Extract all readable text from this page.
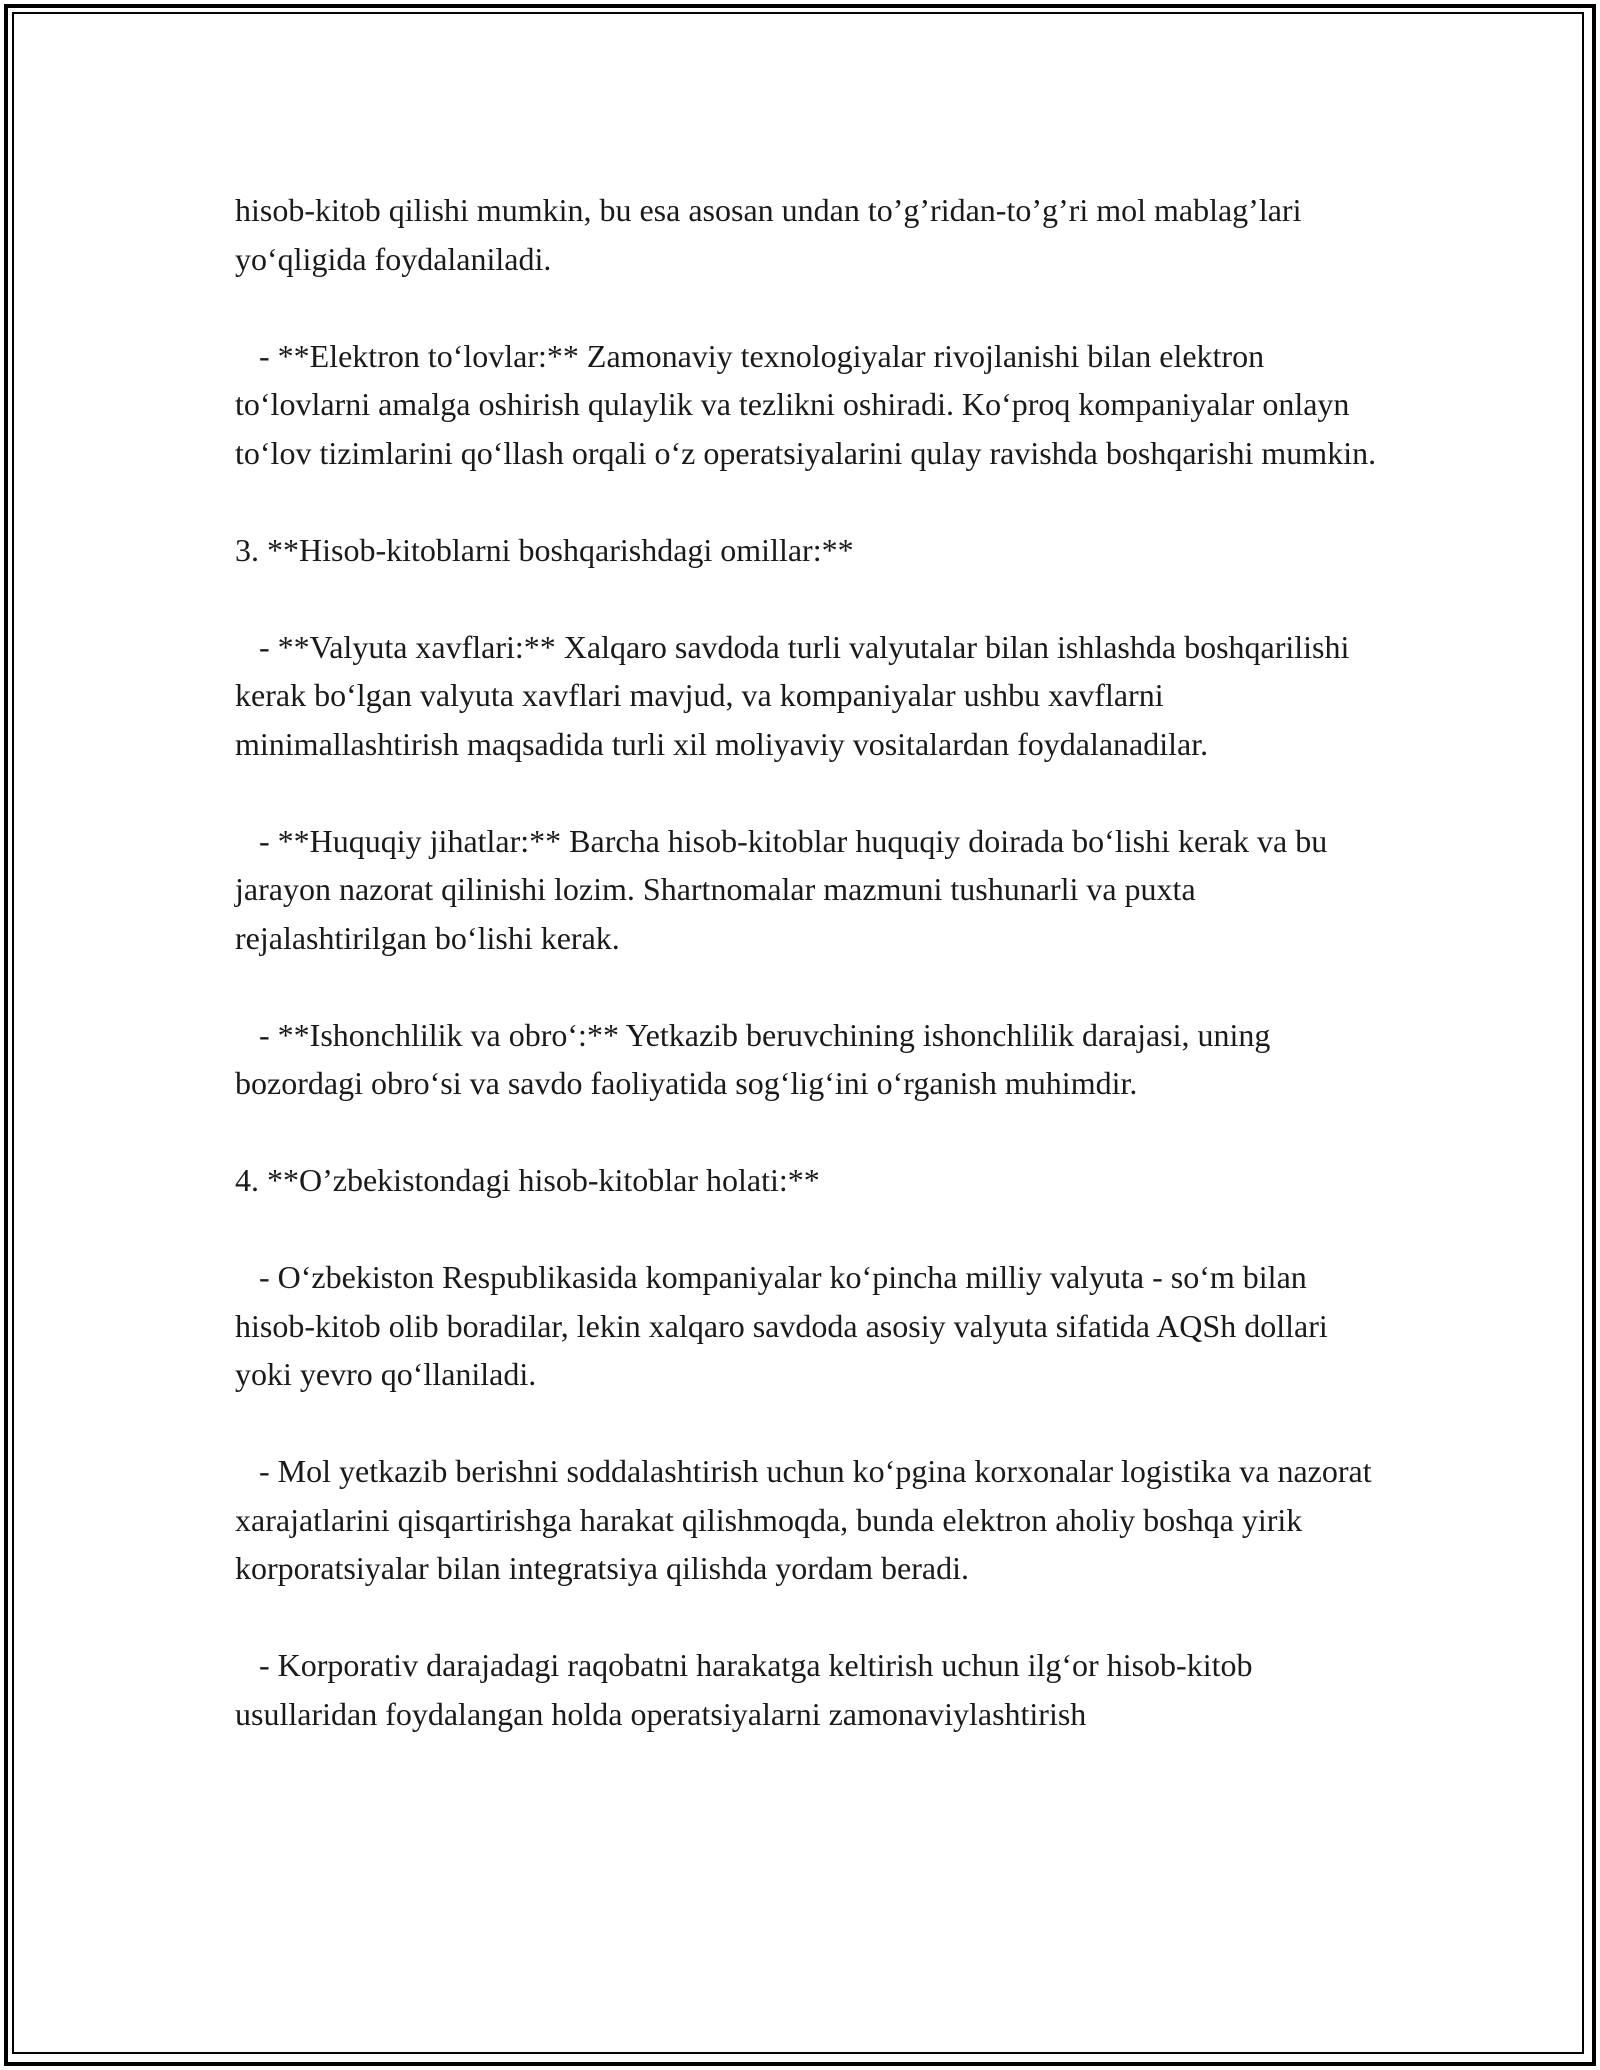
hisob-kitob qilishi mumkin, bu esa asosan undan to’g’ridan-to’g’ri mol mablag’lari yo‘qligida foydalaniladi.

- **Elektron to‘lovlar:** Zamonaviy texnologiyalar rivojlanishi bilan elektron to‘lovlarni amalga oshirish qulaylik va tezlikni oshiradi. Ko‘proq kompaniyalar onlayn to‘lov tizimlarini qo‘llash orqali o‘z operatsiyalarini qulay ravishda boshqarishi mumkin.

3. **Hisob-kitoblarni boshqarishdagi omillar:**

- **Valyuta xavflari:** Xalqaro savdoda turli valyutalar bilan ishlashda boshqarilishi kerak bo‘lgan valyuta xavflari mavjud, va kompaniyalar ushbu xavflarni minimallashtirish maqsadida turli xil moliyaviy vositalardan foydalanadilar.

- **Huquqiy jihatlar:** Barcha hisob-kitoblar huquqiy doirada bo‘lishi kerak va bu jarayon nazorat qilinishi lozim. Shartnomalar mazmuni tushunarli va puxta rejalashtirilgan bo‘lishi kerak.

- **Ishonchlilik va obro‘:** Yetkazib beruvchining ishonchlilik darajasi, uning bozordagi obro‘si va savdo faoliyatida sog‘lig‘ini o‘rganish muhimdir.

4. **O’zbekistondagi hisob-kitoblar holati:**

- O‘zbekiston Respublikasida kompaniyalar ko‘pincha milliy valyuta - so‘m bilan hisob-kitob olib boradilar, lekin xalqaro savdoda asosiy valyuta sifatida AQSh dollari yoki yevro qo‘llaniladi.

- Mol yetkazib berishni soddalashtirish uchun ko‘pgina korxonalar logistika va nazorat xarajatlarini qisqartirishga harakat qilishmoqda, bunda elektron aholiy boshqa yirik korporatsiyalar bilan integratsiya qilishda yordam beradi.

- Korporativ darajadagi raqobatni harakatga keltirish uchun ilg‘or hisob-kitob usullaridan foydalangan holda operatsiyalarni zamonaviylashtirish
